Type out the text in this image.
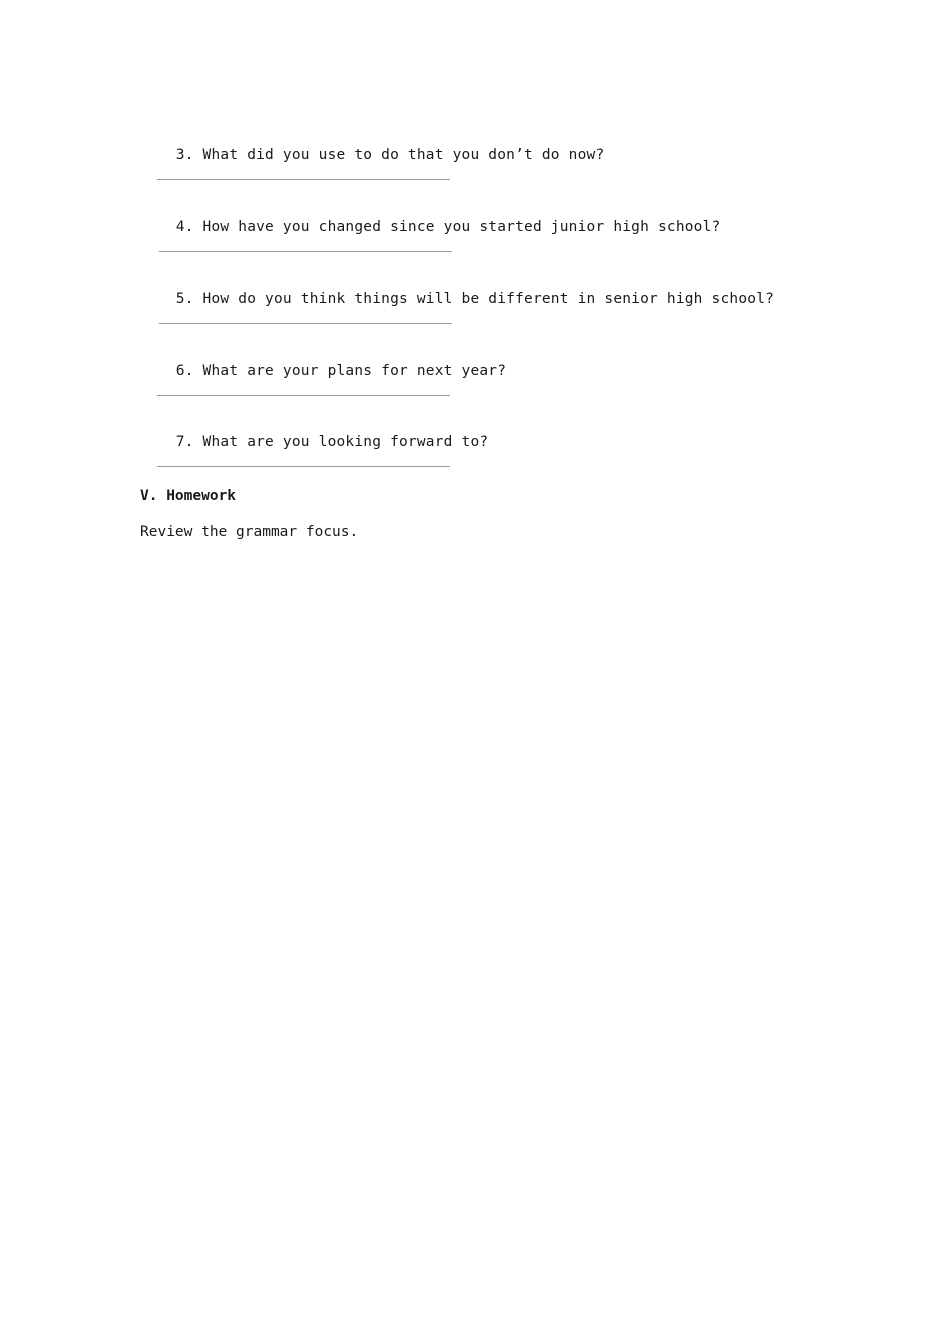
3. What did you use to do that you don’t do now?

4. How have you changed since you started junior high school?

5. How do you think things will be different in senior high school?

6. What are your plans for next year?

7. What are you looking forward to?

V. Homework
Review the grammar focus.
